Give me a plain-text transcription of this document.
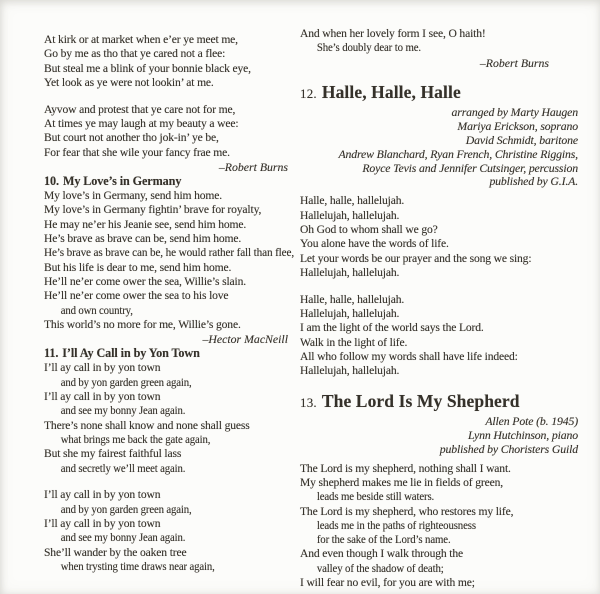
At kirk or at market when e’er ye meet me,
Go by me as tho that ye cared not a flee:
But steal me a blink of your bonnie black eye,
Yet look as ye were not lookin’ at me.
Ayvow and protest that ye care not for me,
At times ye may laugh at my beauty a wee:
But court not another tho jok-in’ ye be,
For fear that she wile your fancy frae me.
–Robert Burns
10. My Love’s in Germany
My love’s in Germany, send him home.
My love’s in Germany fightin’ brave for royalty,
He may ne’er his Jeanie see, send him home.
He’s brave as brave can be, send him home.
He’s brave as brave can be, he would rather fall than flee,
But his life is dear to me, send him home.
He’ll ne’er come ower the sea, Willie’s slain.
He’ll ne’er come ower the sea to his love
and own country,
This world’s no more for me, Willie’s gone.
–Hector MacNeill
11. I’ll Ay Call in by Yon Town
I’ll ay call in by yon town
and by yon garden green again,
I’ll ay call in by yon town
and see my bonny Jean again.
There’s none shall know and none shall guess
what brings me back the gate again,
But she my fairest faithful lass
and secretly we’ll meet again.
I’ll ay call in by yon town
and by yon garden green again,
I’ll ay call in by yon town
and see my bonny Jean again.
She’ll wander by the oaken tree
when trysting time draws near again,
And when her lovely form I see, O haith!
She’s doubly dear to me.
–Robert Burns
12. Halle, Halle, Halle
arranged by Marty Haugen
Mariya Erickson, soprano
David Schmidt, baritone
Andrew Blanchard, Ryan French, Christine Riggins,
Royce Tevis and Jennifer Cutsinger, percussion
published by G.I.A.
Halle, halle, hallelujah.
Hallelujah, hallelujah.
Oh God to whom shall we go?
You alone have the words of life.
Let your words be our prayer and the song we sing:
Hallelujah, hallelujah.
Halle, halle, hallelujah.
Hallelujah, hallelujah.
I am the light of the world says the Lord.
Walk in the light of life.
All who follow my words shall have life indeed:
Hallelujah, hallelujah.
13. The Lord Is My Shepherd
Allen Pote (b. 1945)
Lynn Hutchinson, piano
published by Choristers Guild
The Lord is my shepherd, nothing shall I want.
My shepherd makes me lie in fields of green,
leads me beside still waters.
The Lord is my shepherd, who restores my life,
leads me in the paths of righteousness
for the sake of the Lord’s name.
And even though I walk through the
valley of the shadow of death;
I will fear no evil, for you are with me;
